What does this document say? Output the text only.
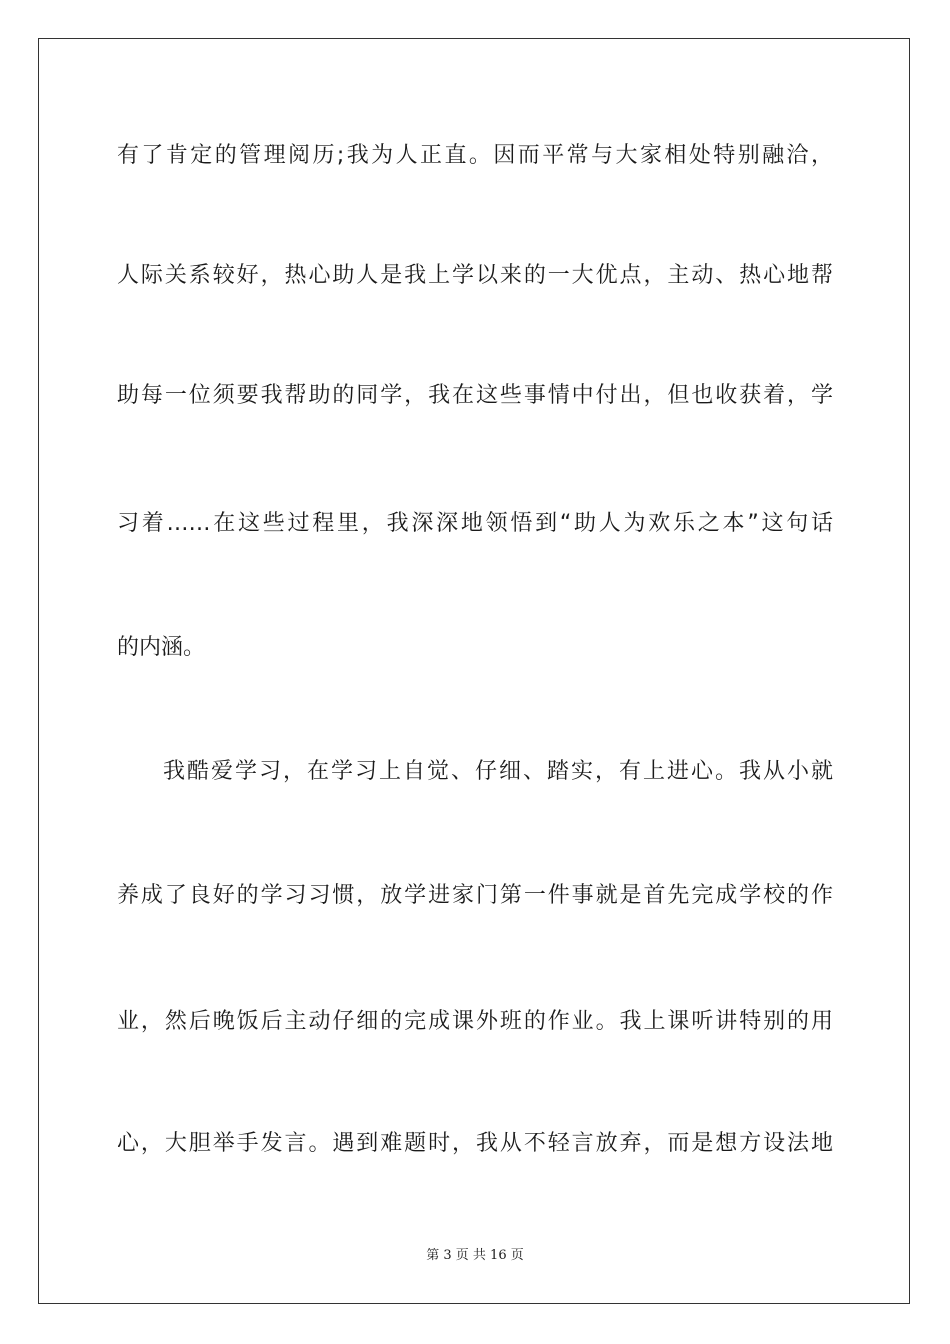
有了肯定的管理阅历;我为人正直。因而平常与大家相处特别融洽，
人际关系较好，热心助人是我上学以来的一大优点，主动、热心地帮
助每一位须要我帮助的同学，我在这些事情中付出，但也收获着，学
习着……在这些过程里，我深深地领悟到“助人为欢乐之本”这句话
的内涵。
我酷爱学习，在学习上自觉、仔细、踏实，有上进心。我从小就
养成了良好的学习习惯，放学进家门第一件事就是首先完成学校的作
业，然后晚饭后主动仔细的完成课外班的作业。我上课听讲特别的用
心，大胆举手发言。遇到难题时，我从不轻言放弃，而是想方设法地
第 3 页 共 16 页
